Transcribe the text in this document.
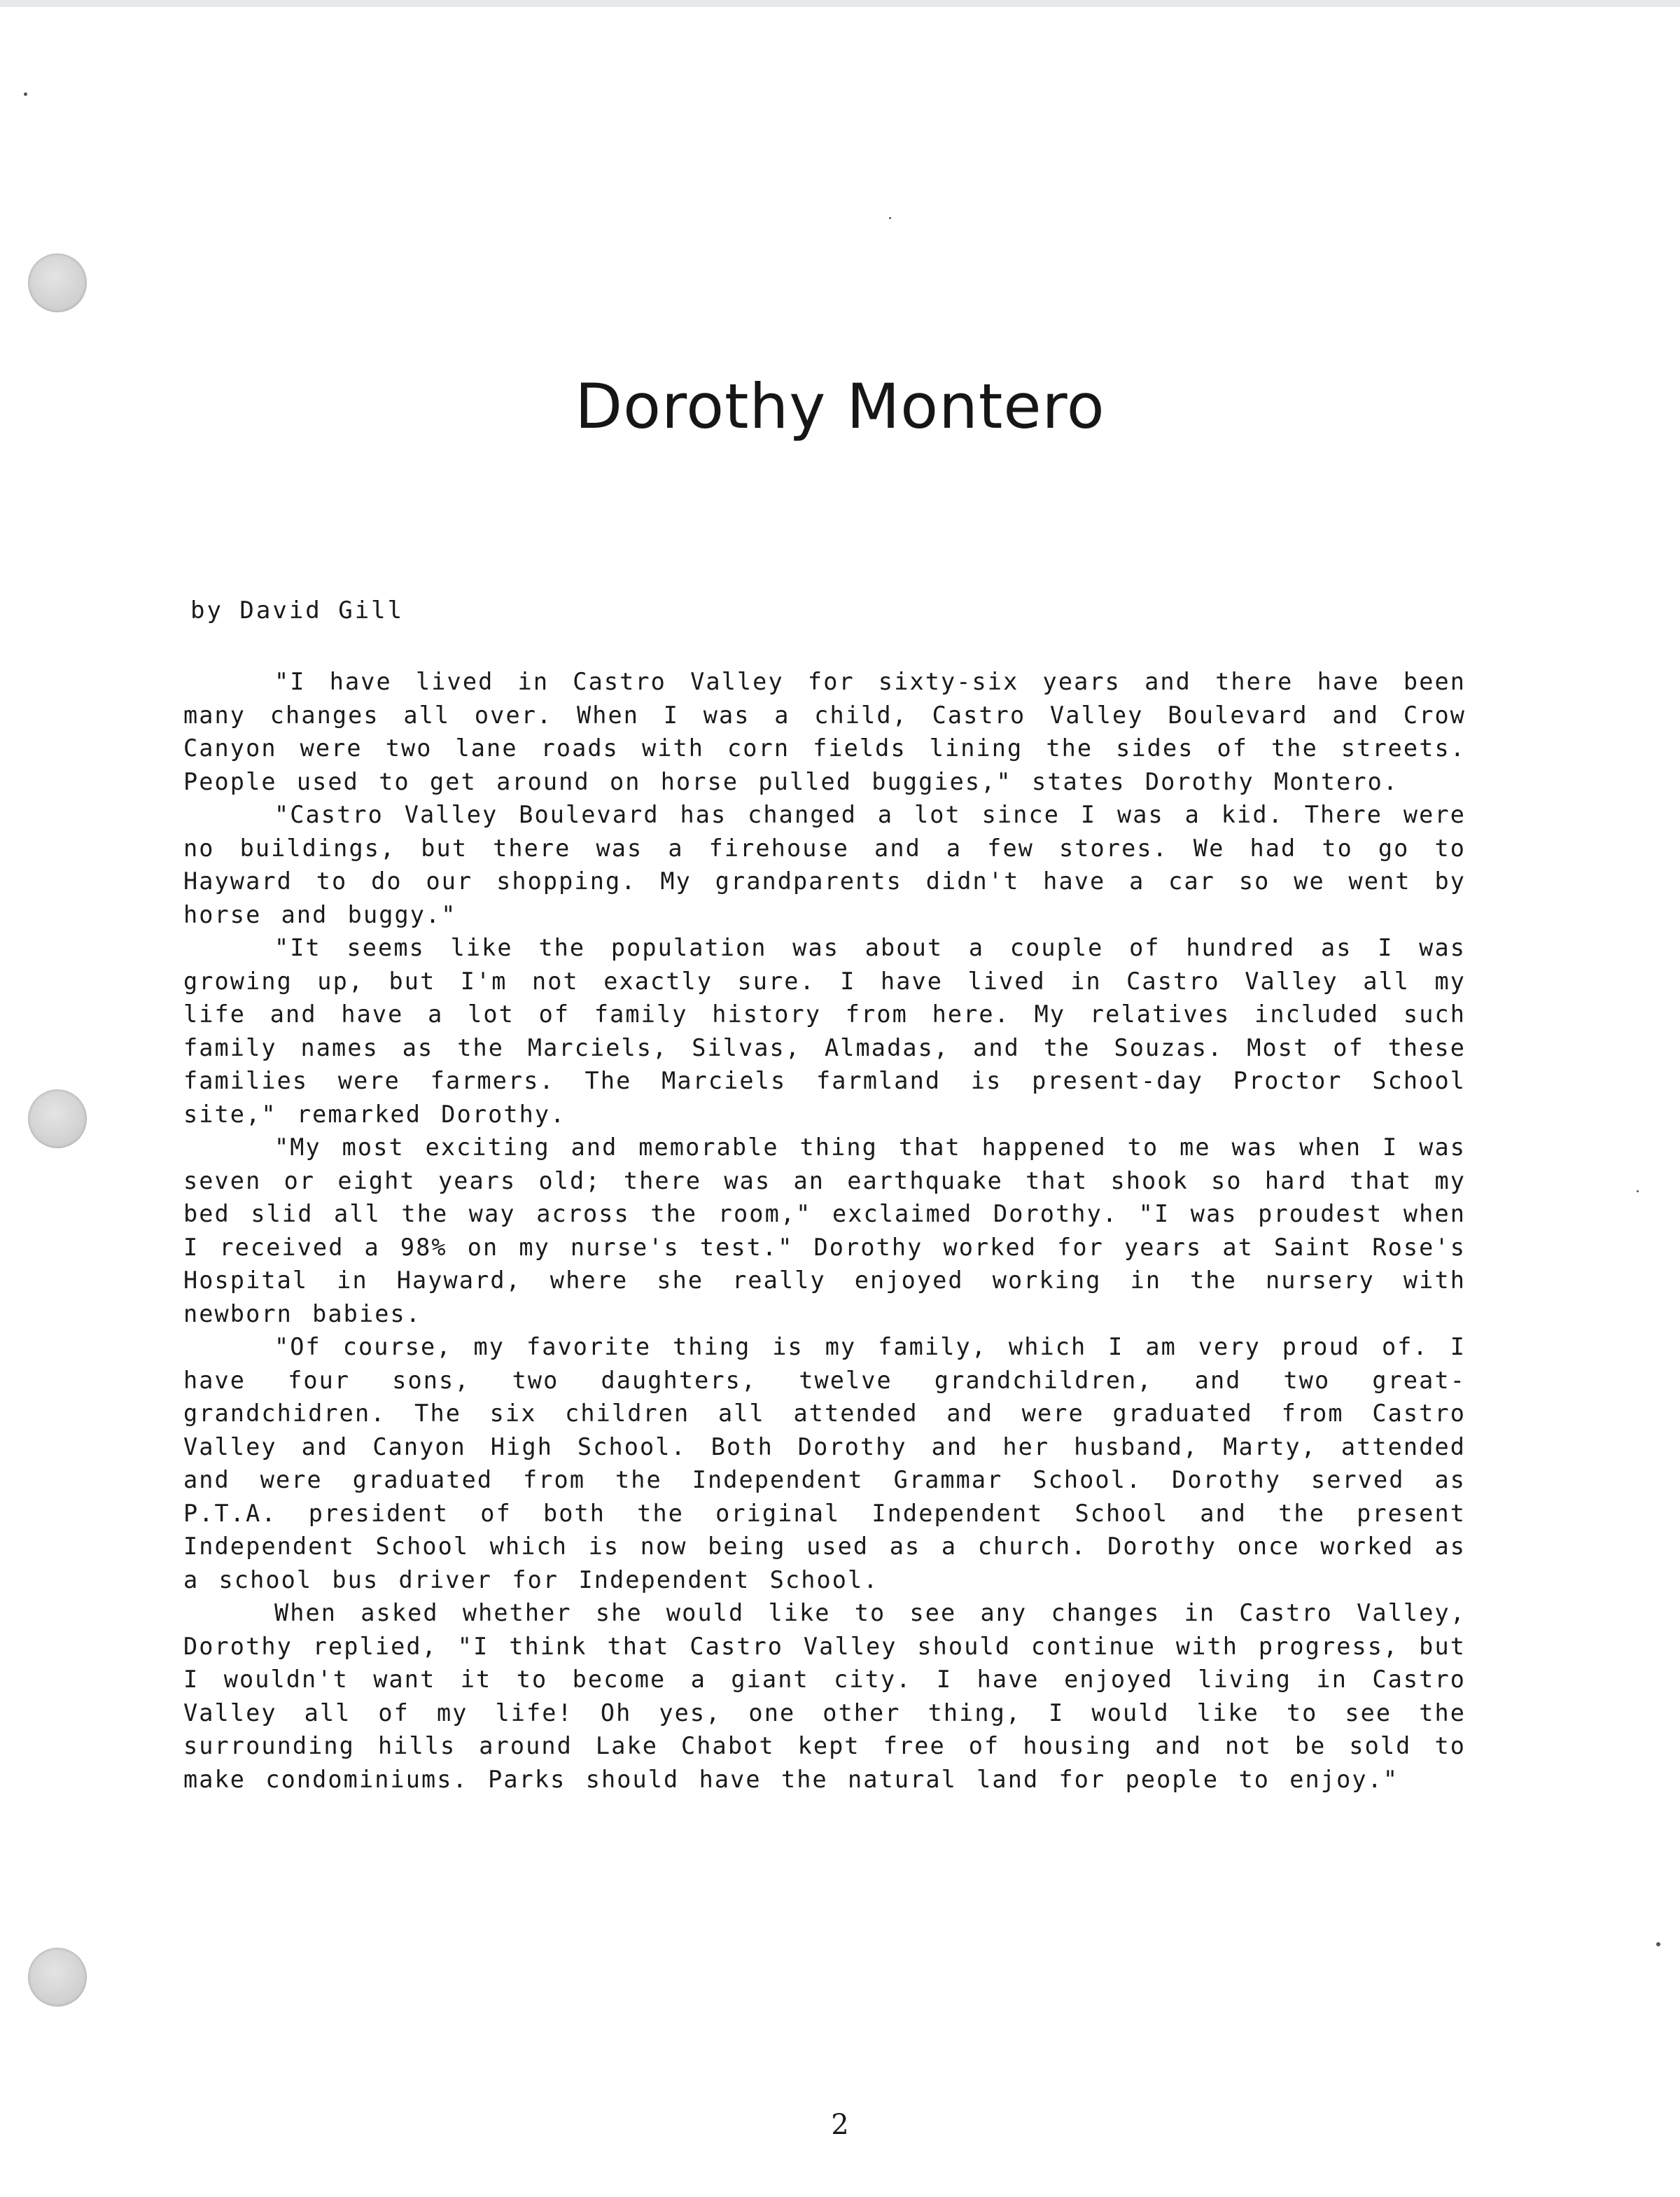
Dorothy Montero
by David Gill

"I have lived in Castro Valley for sixty-six years and there have been many changes all over. When I was a child, Castro Valley Boulevard and Crow Canyon were two lane roads with corn fields lining the sides of the streets. People used to get around on horse pulled buggies," states Dorothy Montero.

"Castro Valley Boulevard has changed a lot since I was a kid. There were no buildings, but there was a firehouse and a few stores. We had to go to Hayward to do our shopping. My grandparents didn't have a car so we went by horse and buggy."

"It seems like the population was about a couple of hundred as I was growing up, but I'm not exactly sure. I have lived in Castro Valley all my life and have a lot of family history from here. My relatives included such family names as the Marciels, Silvas, Almadas, and the Souzas. Most of these families were farmers. The Marciels farmland is present-day Proctor School site," remarked Dorothy.

"My most exciting and memorable thing that happened to me was when I was seven or eight years old; there was an earthquake that shook so hard that my bed slid all the way across the room," exclaimed Dorothy. "I was proudest when I received a 98% on my nurse's test." Dorothy worked for years at Saint Rose's Hospital in Hayward, where she really enjoyed working in the nursery with newborn babies.

"Of course, my favorite thing is my family, which I am very proud of. I have four sons, two daughters, twelve grandchildren, and two great-grandchidren. The six children all attended and were graduated from Castro Valley and Canyon High School. Both Dorothy and her husband, Marty, attended and were graduated from the Independent Grammar School. Dorothy served as P.T.A. president of both the original Independent School and the present Independent School which is now being used as a church. Dorothy once worked as a school bus driver for Independent School.

When asked whether she would like to see any changes in Castro Valley, Dorothy replied, "I think that Castro Valley should continue with progress, but I wouldn't want it to become a giant city. I have enjoyed living in Castro Valley all of my life! Oh yes, one other thing, I would like to see the surrounding hills around Lake Chabot kept free of housing and not be sold to make condominiums. Parks should have the natural land for people to enjoy."

2
